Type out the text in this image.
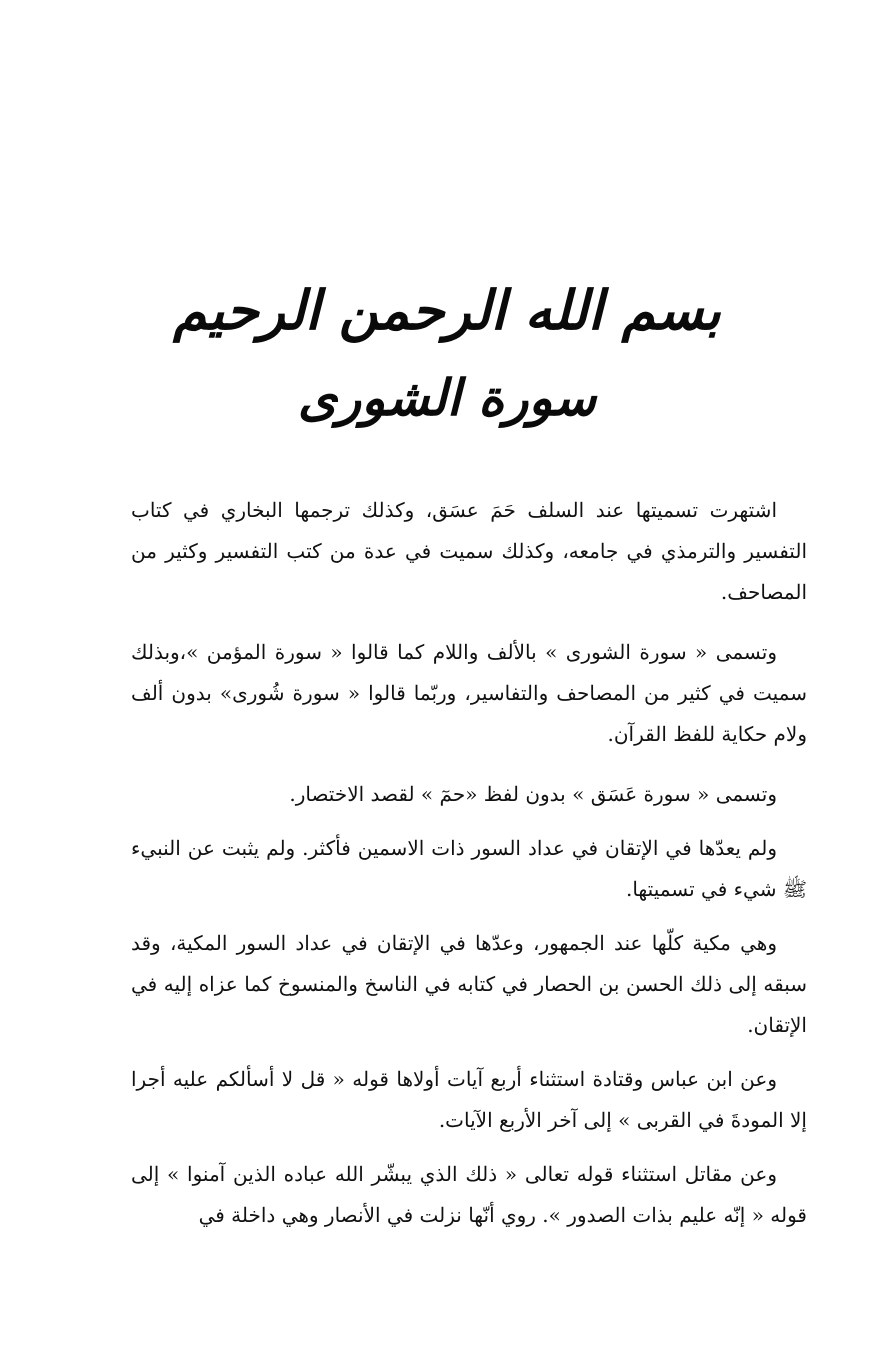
بسم الله الرحمن الرحيم
سورة الشورى

اشتهرت تسميتها عند السلف حَمَ عسَق، وكذلك ترجمها البخاري في كتاب التفسير والترمذي في جامعه، وكذلك سميت في عدة من كتب التفسير وكثير من المصاحف.

وتسمى « سورة الشورى » بالألف واللام كما قالوا « سورة المؤمن »،وبذلك سميت في كثير من المصاحف والتفاسير، وربّما قالوا « سورة شُورى» بدون ألف ولام حكاية للفظ القرآن.

وتسمى « سورة عَسَق » بدون لفظ «حمٓ » لقصد الاختصار.

ولم يعدّها في الإتقان في عداد السور ذات الاسمين فأكثر. ولم يثبت عن النبيء ﷺ شيء في تسميتها.

وهي مكية كلّها عند الجمهور، وعدّها في الإتقان في عداد السور المكية، وقد سبقه إلى ذلك الحسن بن الحصار في كتابه في الناسخ والمنسوخ كما عزاه إليه في الإتقان.

وعن ابن عباس وقتادة استثناء أربع آيات أولاها قوله « قل لا أسألكم عليه أجرا إلا المودةَ في القربى » إلى آخر الأربع الآيات.

وعن مقاتل استثناء قوله تعالى « ذلك الذي يبشّر الله عباده الذين آمنوا » إلى قوله « إنّه عليم بذات الصدور ». روي أنّها نزلت في الأنصار وهي داخلة في
